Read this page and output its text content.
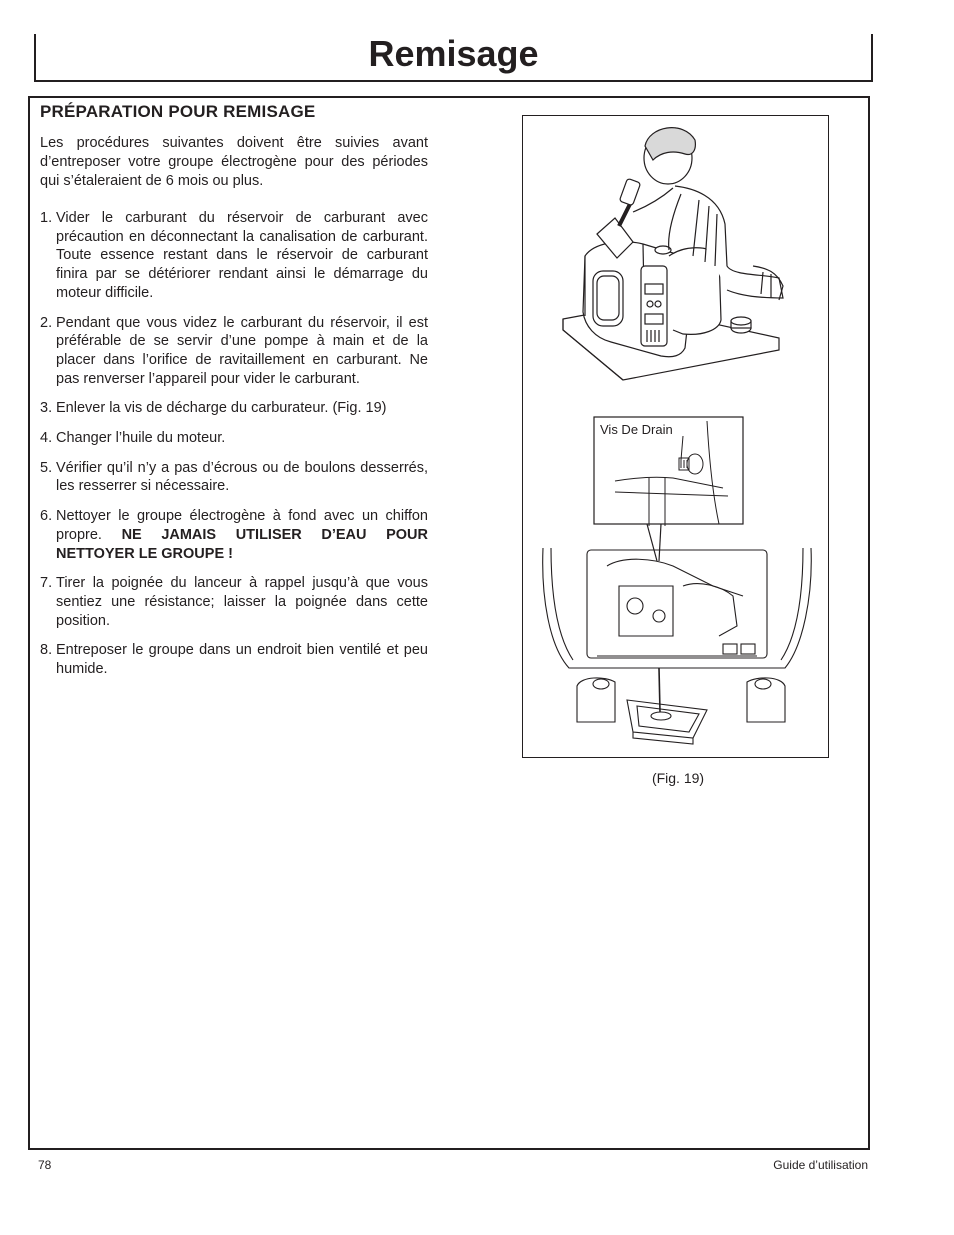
Remisage
PRÉPARATION POUR REMISAGE

Les procédures suivantes doivent être suivies avant d’entreposer votre groupe électrogène pour des périodes qui s’étaleraient de 6 mois ou plus.

1. Vider le carburant du réservoir de carburant avec précaution en déconnectant la canalisation de carburant. Toute essence restant dans le réservoir de carburant finira par se détériorer rendant ainsi le démarrage du moteur difficile.
2. Pendant que vous videz le carburant du réservoir, il est préférable de se servir d’une pompe à main et de la placer dans l’orifice de ravitaillement en carburant. Ne pas renverser l’appareil pour vider le carburant.
3. Enlever la vis de décharge du carburateur. (Fig. 19)
4. Changer l’huile du moteur.
5. Vérifier qu’il n’y a pas d’écrous ou de boulons desserrés, les resserrer si nécessaire.
6. Nettoyer le groupe électrogène à fond avec un chiffon propre. NE JAMAIS UTILISER D’EAU POUR NETTOYER LE GROUPE !
7. Tirer la poignée du lanceur à rappel jusqu’à que vous sentiez une résistance; laisser la poignée dans cette position.
8. Entreposer le groupe dans un endroit bien ventilé et peu humide.
Vis De Drain

(Fig. 19)

78	Guide d’utilisation
